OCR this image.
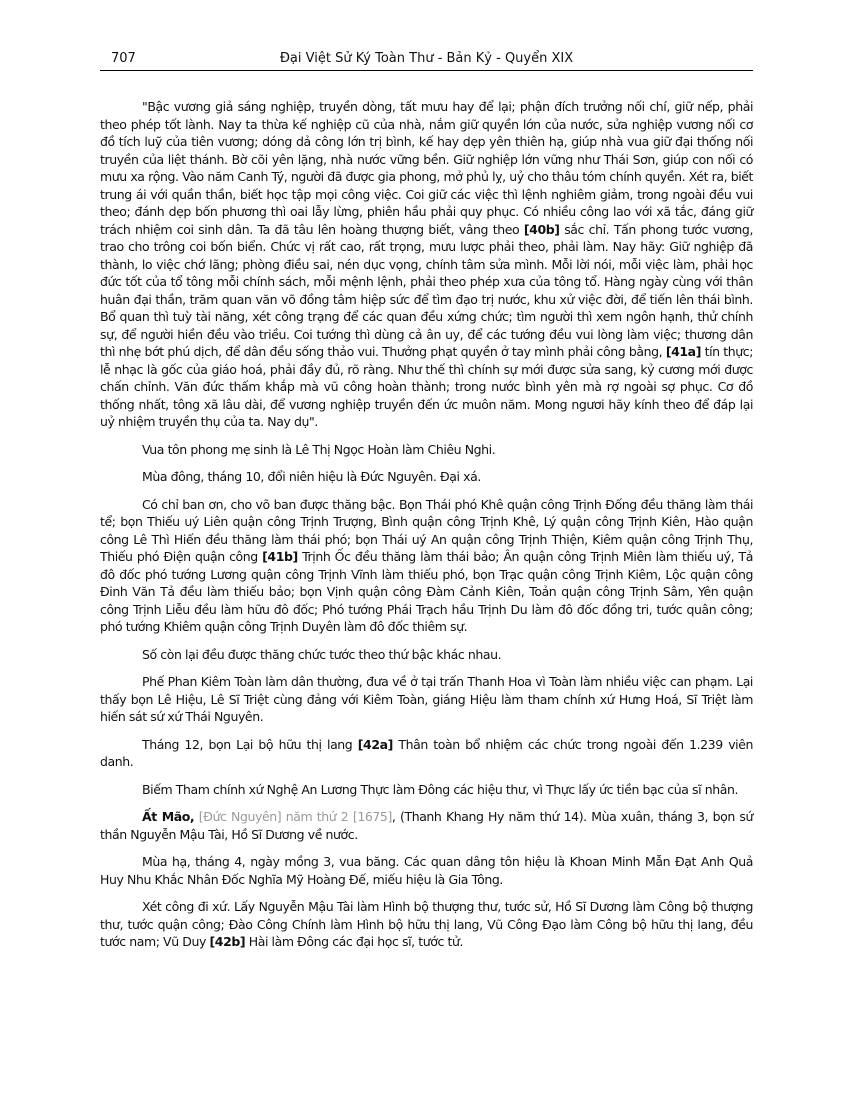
707	Đại Việt Sử Ký Toàn Thư - Bản Kỷ - Quyển XIX

"Bậc vương giả sáng nghiệp, truyền dòng, tất mưu hay để lại; phận đích trưởng nối chí, giữ nếp, phải theo phép tốt lành. Nay ta thừa kế nghiệp cũ của nhà, nắm giữ quyền lớn của nước, sửa nghiệp vương nối cơ đồ tích luỹ của tiên vương; dóng dả công lớn trị bình, kế hay dẹp yên thiên hạ, giúp nhà vua giữ đại thống nối truyền của liệt thánh. Bờ cõi yên lặng, nhà nước vững bền. Giữ nghiệp lớn vững như Thái Sơn, giúp con nối có mưu xa rộng. Vào năm Canh Tý, người đã được gia phong, mở phủ lỵ, uỷ cho thâu tóm chính quyền. Xét ra, biết trung ái với quần thần, biết học tập mọi công việc. Coi giữ các việc thì lệnh nghiêm giảm, trong ngoài đều vui theo; đánh dẹp bốn phương thì oai lẫy lừng, phiên hầu phải quy phục. Có nhiều công lao với xã tắc, đáng giữ trách nhiệm coi sinh dân. Ta đã tâu lên hoàng thượng biết, vâng theo [40b] sắc chỉ. Tấn phong tước vương, trao cho trông coi bốn biển. Chức vị rất cao, rất trọng, mưu lược phải theo, phải làm. Nay hãy: Giữ nghiệp đã thành, lo việc chớ lãng; phòng điều sai, nén dục vọng, chính tâm sửa mình. Mỗi lời nói, mỗi việc làm, phải học đức tốt của tổ tông mỗi chính sách, mỗi mệnh lệnh, phải theo phép xưa của tông tổ. Hàng ngày cùng với thân huân đại thần, trăm quan văn võ đồng tâm hiệp sức để tìm đạo trị nước, khu xử việc đời, để tiến lên thái bình. Bổ quan thì tuỳ tài năng, xét công trạng để các quan đều xứng chức; tìm người thì xem ngôn hạnh, thử chính sự, để người hiền đều vào triều. Coi tướng thì dùng cả ân uy, để các tướng đều vui lòng làm việc; thương dân thì nhẹ bớt phú dịch, để dân đều sống thảo vui. Thưởng phạt quyền ở tay mình phải công bằng, [41a] tín thực; lễ nhạc là gốc của giáo hoá, phải đầy đủ, rõ ràng. Như thế thì chính sự mới được sửa sang, kỷ cương mới được chấn chỉnh. Văn đức thấm khắp mà vũ công hoàn thành; trong nước bình yên mà rợ ngoài sợ phục. Cơ đồ thống nhất, tông xã lâu dài, để vương nghiệp truyền đến ức muôn năm. Mong ngươi hãy kính theo để đáp lại uỷ nhiệm truyền thụ của ta. Nay dụ".

Vua tôn phong mẹ sinh là Lê Thị Ngọc Hoàn làm Chiêu Nghi.

Mùa đông, tháng 10, đổi niên hiệu là Đức Nguyên. Đại xá.

Có chỉ ban ơn, cho võ ban được thăng bậc. Bọn Thái phó Khê quận công Trịnh Đống đều thăng làm thái tể; bọn Thiếu uý Liên quận công Trịnh Trượng, Bình quận công Trịnh Khê, Lý quận công Trịnh Kiên, Hào quận công Lê Thì Hiến đều thăng làm thái phó; bọn Thái uý An quận công Trịnh Thiện, Kiêm quận công Trịnh Thụ, Thiếu phó Điện quận công [41b] Trịnh Ốc đều thăng làm thái bảo; Ân quận công Trịnh Miên làm thiếu uý, Tả đô đốc phó tướng Lương quận công Trịnh Vĩnh làm thiếu phó, bọn Trạc quận công Trịnh Kiêm, Lộc quận công Đinh Văn Tả đều làm thiếu bảo; bọn Vịnh quận công Đàm Cảnh Kiên, Toản quận công Trịnh Sâm, Yên quận công Trịnh Liễu đều làm hữu đô đốc; Phó tướng Phái Trạch hầu Trịnh Du làm đô đốc đồng tri, tước quân công; phó tướng Khiêm quận công Trịnh Duyên làm đô đốc thiêm sự.

Số còn lại đều được thăng chức tước theo thứ bậc khác nhau.

Phế Phan Kiêm Toàn làm dân thường, đưa về ở tại trấn Thanh Hoa vì Toàn làm nhiều việc can phạm. Lại thấy bọn Lê Hiệu, Lê Sĩ Triệt cùng đảng với Kiêm Toàn, giáng Hiệu làm tham chính xứ Hưng Hoá, Sĩ Triệt làm hiến sát sứ xứ Thái Nguyên.

Tháng 12, bọn Lại bộ hữu thị lang [42a] Thân toàn bổ nhiệm các chức trong ngoài đến 1.239 viên danh.

Biếm Tham chính xứ Nghệ An Lương Thực làm Đông các hiệu thư, vì Thực lấy ức tiền bạc của sĩ nhân.

Ất Mão, [Đức Nguyên] năm thứ 2 [1675], (Thanh Khang Hy năm thứ 14). Mùa xuân, tháng 3, bọn sứ thần Nguyễn Mậu Tài, Hồ Sĩ Dương về nước.

Mùa hạ, tháng 4, ngày mồng 3, vua băng. Các quan dâng tôn hiệu là Khoan Minh Mẫn Đạt Anh Quả Huy Nhu Khắc Nhân Đốc Nghĩa Mỹ Hoàng Đế, miếu hiệu là Gia Tông.

Xét công đi xứ. Lấy Nguyễn Mậu Tài làm Hình bộ thượng thư, tước sử, Hồ Sĩ Dương làm Công bộ thượng thư, tước quận công; Đào Công Chính làm Hình bộ hữu thị lang, Vũ Công Đạo làm Công bộ hữu thị lang, đều tước nam; Vũ Duy [42b] Hài làm Đông các đại học sĩ, tước tử.
